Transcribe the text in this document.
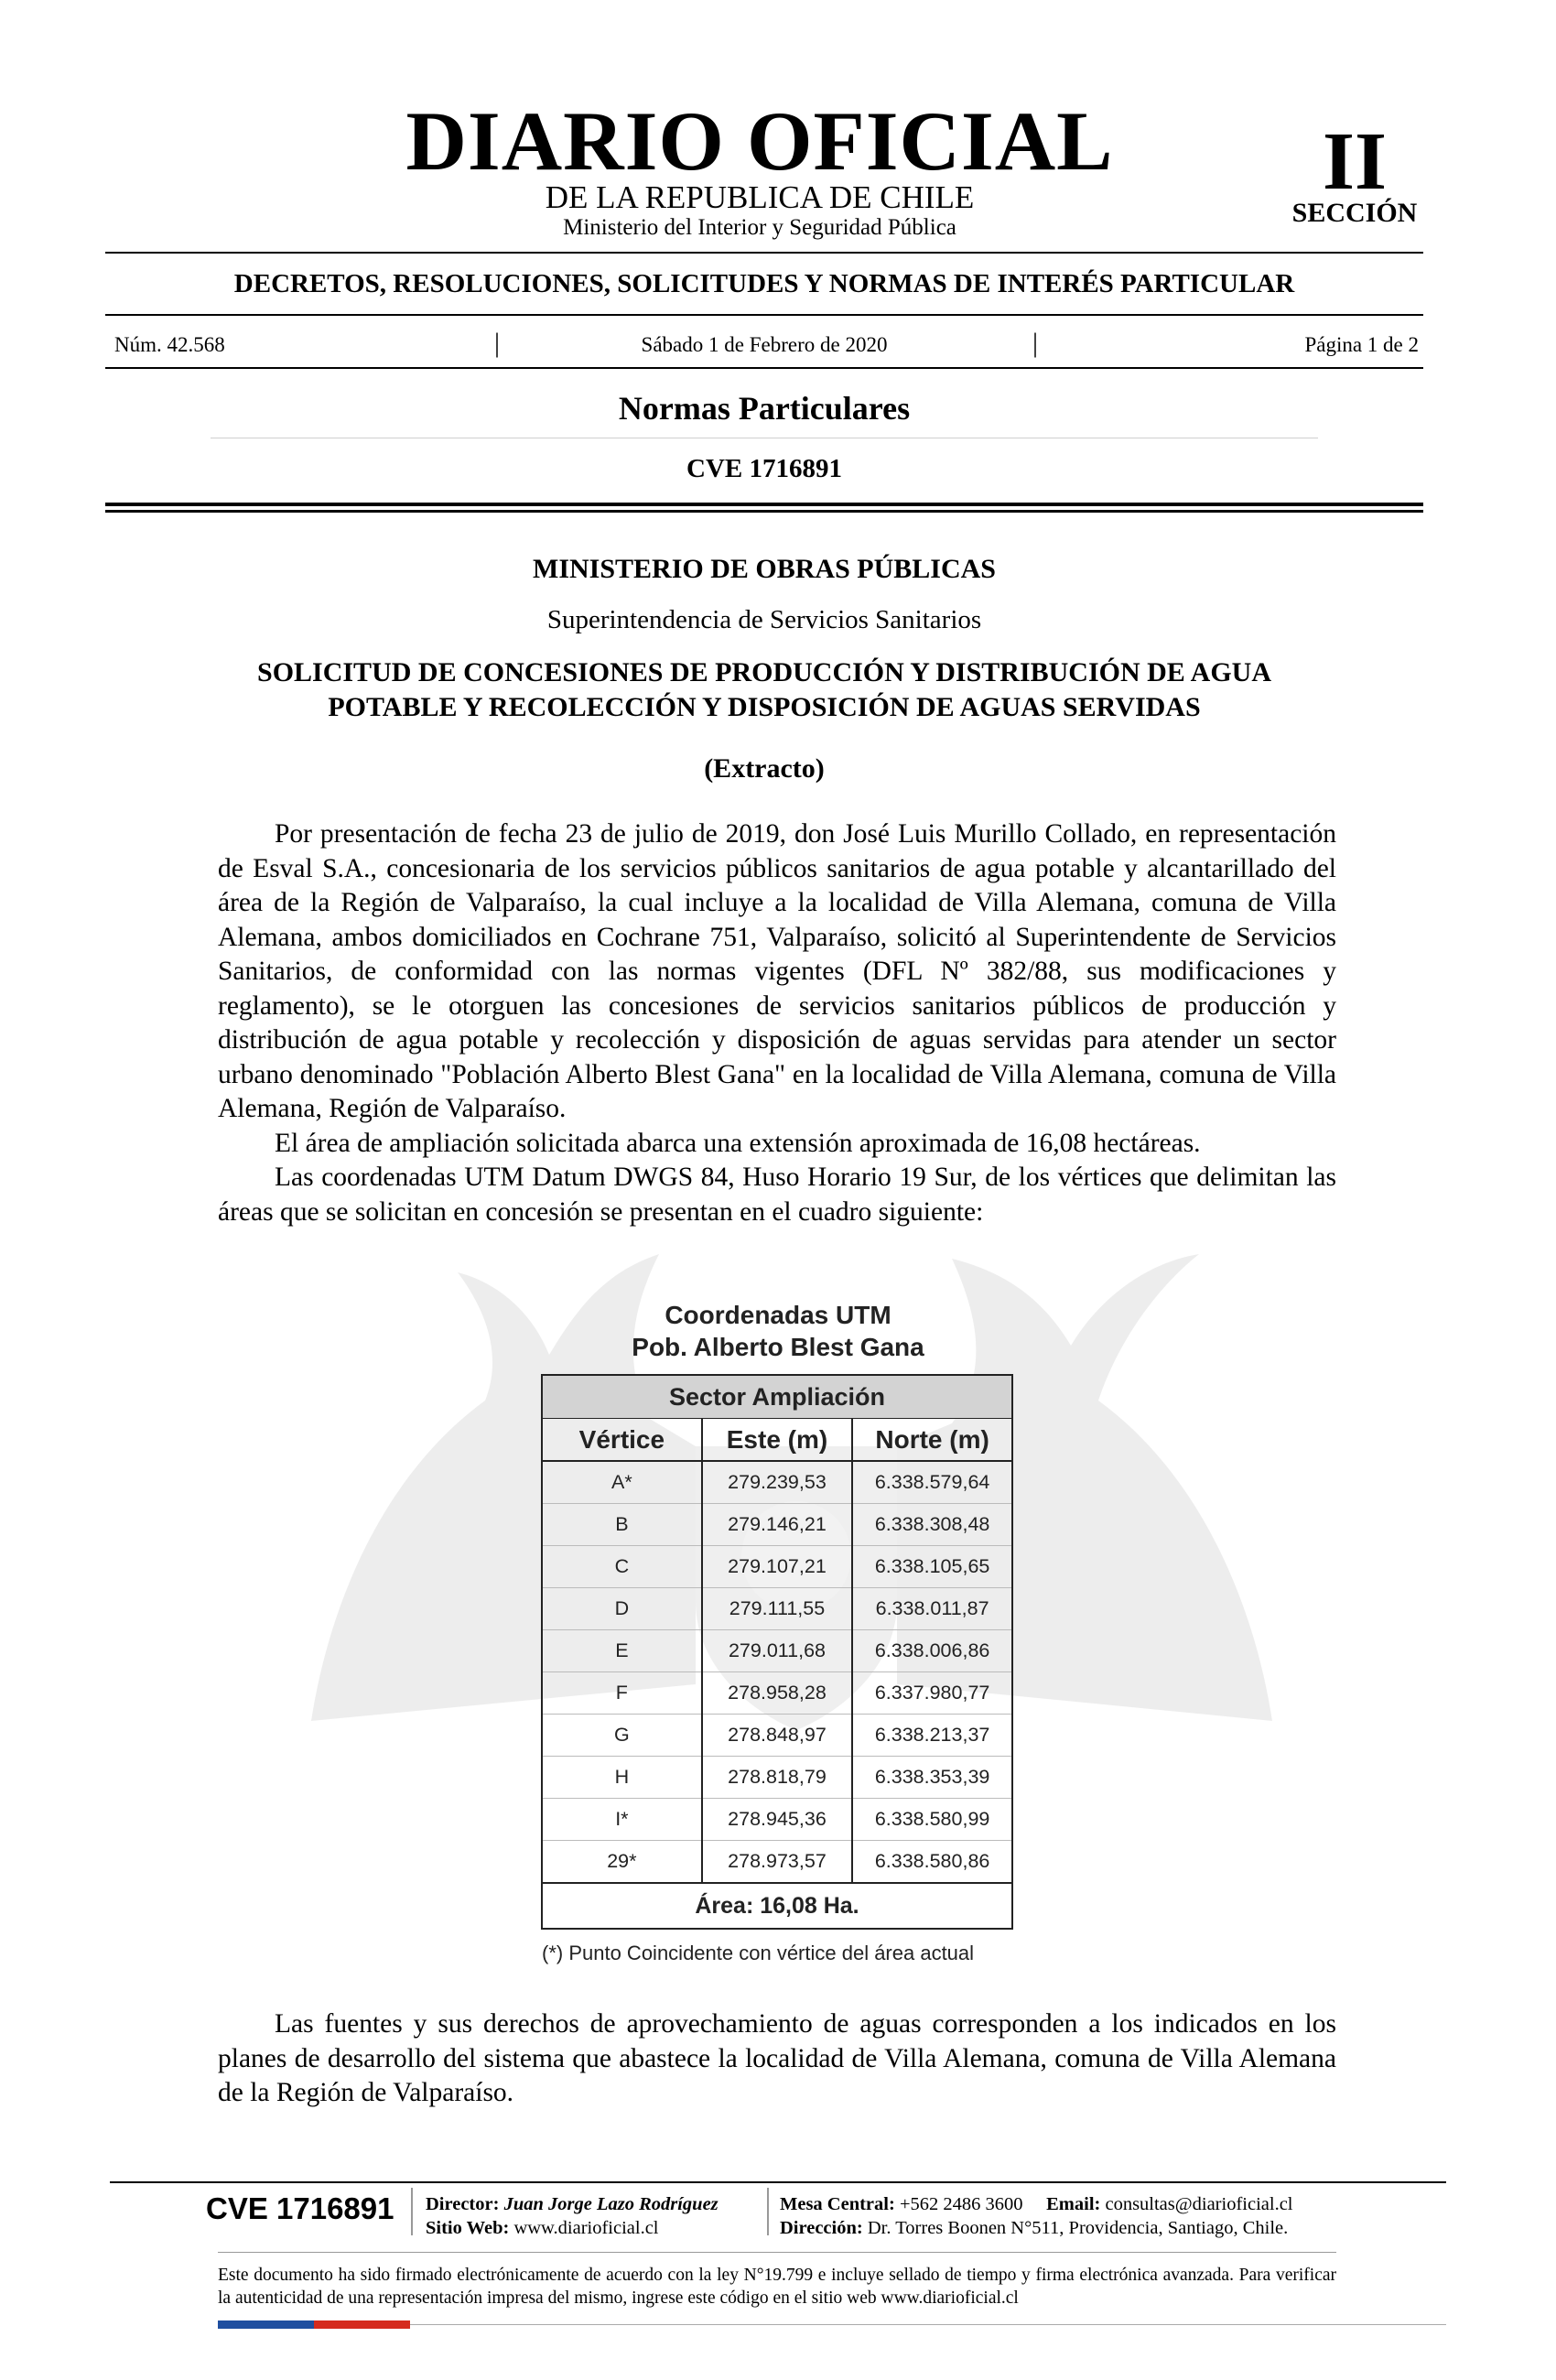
DIARIO OFICIAL
DE LA REPUBLICA DE CHILE
Ministerio del Interior y Seguridad Pública
II
SECCIÓN
DECRETOS, RESOLUCIONES, SOLICITUDES Y NORMAS DE INTERÉS PARTICULAR
Núm. 42.568	|	Sábado 1 de Febrero de 2020	|	Página 1 de 2
Normas Particulares
CVE 1716891
MINISTERIO DE OBRAS PÚBLICAS
Superintendencia de Servicios Sanitarios
SOLICITUD DE CONCESIONES DE PRODUCCIÓN Y DISTRIBUCIÓN DE AGUA
POTABLE Y RECOLECCIÓN Y DISPOSICIÓN DE AGUAS SERVIDAS
(Extracto)

Por presentación de fecha 23 de julio de 2019, don José Luis Murillo Collado, en representación de Esval S.A., concesionaria de los servicios públicos sanitarios de agua potable y alcantarillado del área de la Región de Valparaíso, la cual incluye a la localidad de Villa Alemana, comuna de Villa Alemana, ambos domiciliados en Cochrane 751, Valparaíso, solicitó al Superintendente de Servicios Sanitarios, de conformidad con las normas vigentes (DFL Nº 382/88, sus modificaciones y reglamento), se le otorguen las concesiones de servicios sanitarios públicos de producción y distribución de agua potable y recolección y disposición de aguas servidas para atender un sector urbano denominado "Población Alberto Blest Gana" en la localidad de Villa Alemana, comuna de Villa Alemana, Región de Valparaíso.

El área de ampliación solicitada abarca una extensión aproximada de 16,08 hectáreas.

Las coordenadas UTM Datum DWGS 84, Huso Horario 19 Sur, de los vértices que delimitan las áreas que se solicitan en concesión se presentan en el cuadro siguiente:

Coordenadas UTM
Pob. Alberto Blest Gana
Sector Ampliación		
Vértice	Este (m)	Norte (m)
A*	279.239,53	6.338.579,64
B	279.146,21	6.338.308,48
C	279.107,21	6.338.105,65
D	279.111,55	6.338.011,87
E	279.011,68	6.338.006,86
F	278.958,28	6.337.980,77
G	278.848,97	6.338.213,37
H	278.818,79	6.338.353,39
I*	278.945,36	6.338.580,99
29*	278.973,57	6.338.580,86
Área: 16,08 Ha.		
(*) Punto Coincidente con vértice del área actual

Las fuentes y sus derechos de aprovechamiento de aguas corresponden a los indicados en los planes de desarrollo del sistema que abastece la localidad de Villa Alemana, comuna de Villa Alemana de la Región de Valparaíso.

CVE 1716891	Director: Juan Jorge Lazo Rodríguez
Sitio Web: www.diarioficial.cl
Mesa Central: +562 2486 3600 Email: consultas@diarioficial.cl
Dirección: Dr. Torres Boonen N°511, Providencia, Santiago, Chile.
Este documento ha sido firmado electrónicamente de acuerdo con la ley N°19.799 e incluye sellado de tiempo y firma electrónica avanzada. Para verificar la autenticidad de una representación impresa del mismo, ingrese este código en el sitio web www.diarioficial.cl
